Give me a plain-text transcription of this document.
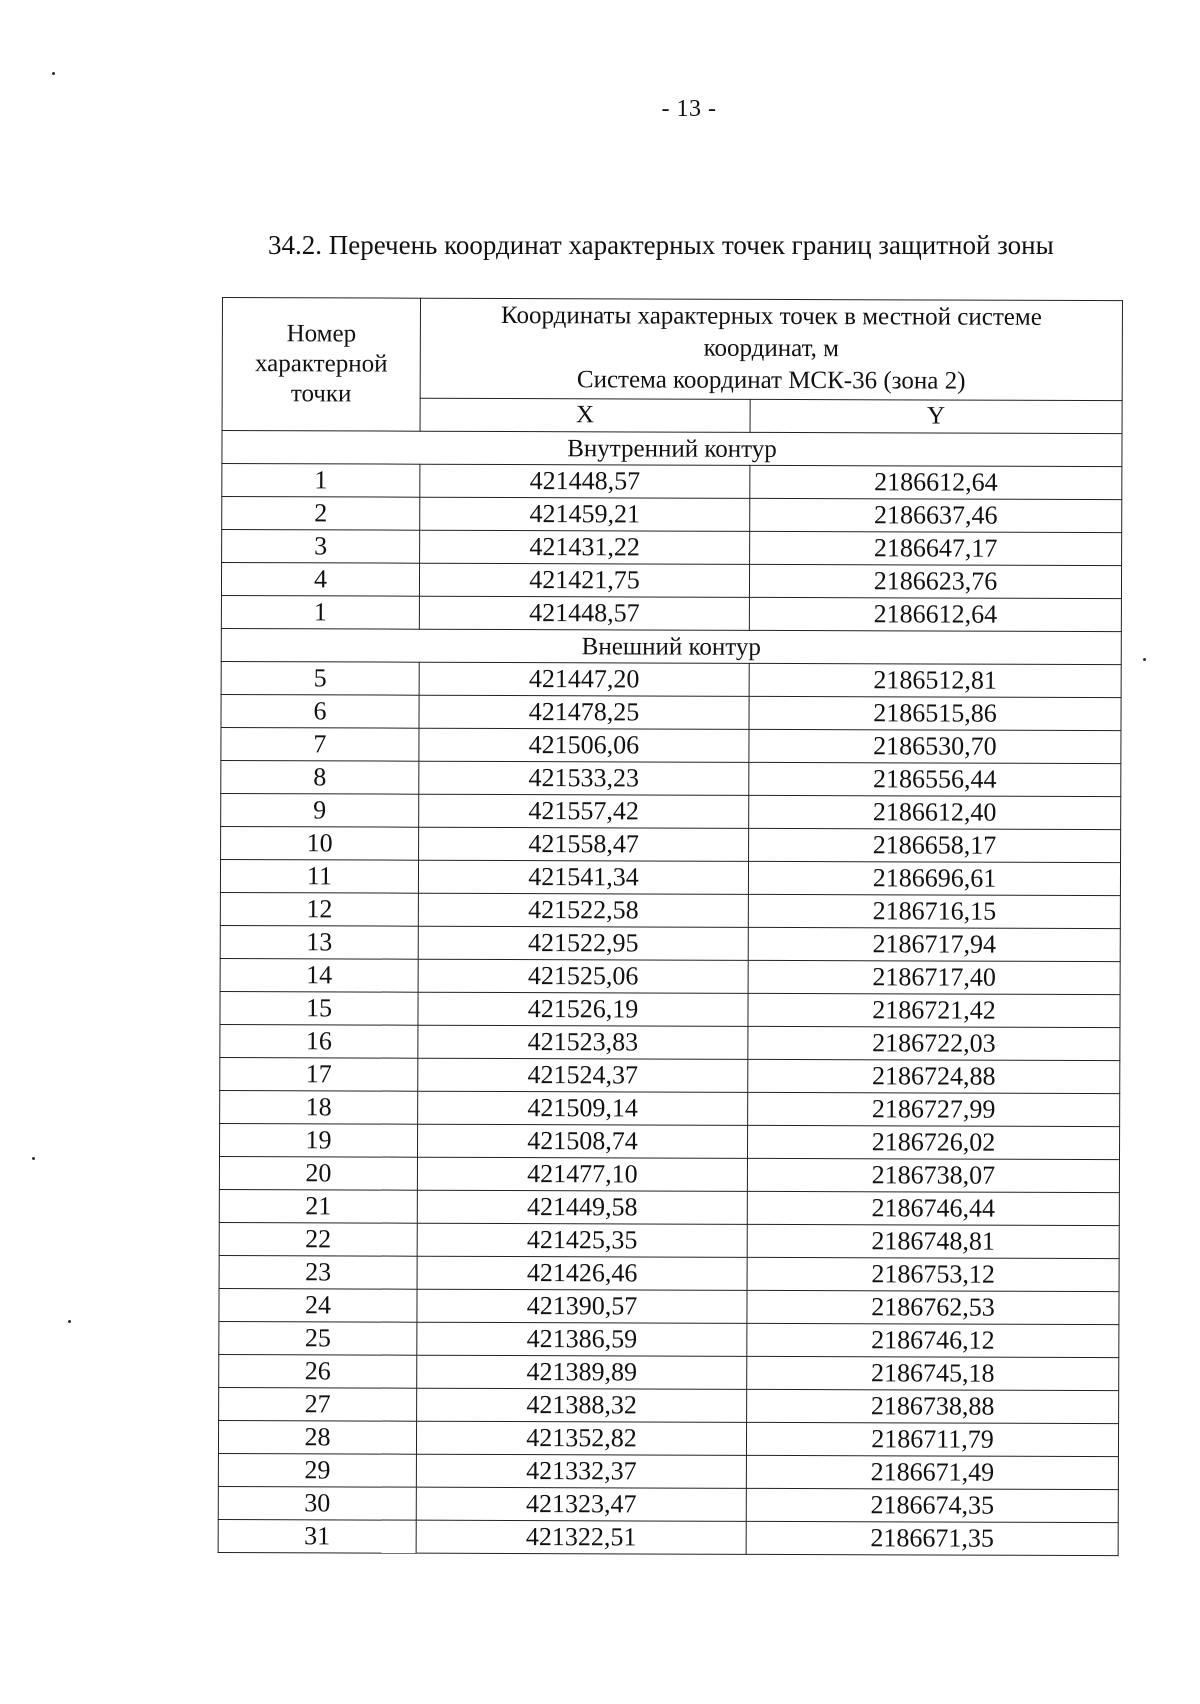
- 13 -
34.2. Перечень координат характерных точек границ защитной зоны
Номер
характерной
точки	Координаты характерных точек в местной системе
координат, м
Система координат МСК-36 (зона 2)	

	X	Y
Внутренний контур		
1	421448,57	2186612,64
2	421459,21	2186637,46
3	421431,22	2186647,17
4	421421,75	2186623,76
1	421448,57	2186612,64
Внешний контур		
5	421447,20	2186512,81
6	421478,25	2186515,86
7	421506,06	2186530,70
8	421533,23	2186556,44
9	421557,42	2186612,40
10	421558,47	2186658,17
11	421541,34	2186696,61
12	421522,58	2186716,15
13	421522,95	2186717,94
14	421525,06	2186717,40
15	421526,19	2186721,42
16	421523,83	2186722,03
17	421524,37	2186724,88
18	421509,14	2186727,99
19	421508,74	2186726,02
20	421477,10	2186738,07
21	421449,58	2186746,44
22	421425,35	2186748,81
23	421426,46	2186753,12
24	421390,57	2186762,53
25	421386,59	2186746,12
26	421389,89	2186745,18
27	421388,32	2186738,88
28	421352,82	2186711,79
29	421332,37	2186671,49
30	421323,47	2186674,35
31	421322,51	2186671,35
